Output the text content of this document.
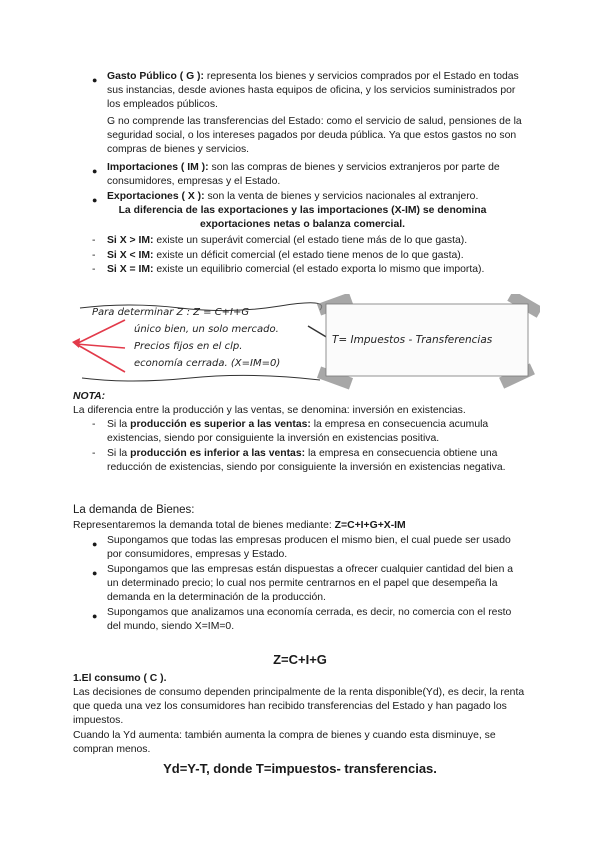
● Gasto Público ( G ): representa los bienes y servicios comprados por el Estado en todas sus instancias, desde aviones hasta equipos de oficina, y los servicios suministrados por los empleados públicos.
G no comprende las transferencias del Estado: como el servicio de salud, pensiones de la seguridad social, o los intereses pagados por deuda pública. Ya que estos gastos no son compras de bienes y servicios.
● Importaciones ( IM ): son las compras de bienes y servicios extranjeros por parte de consumidores, empresas y el Estado.
● Exportaciones ( X ): son la venta de bienes y servicios nacionales al extranjero.
La diferencia de las exportaciones y las importaciones (X-IM) se denomina exportaciones netas o balanza comercial.
- Si X > IM: existe un superávit comercial (el estado tiene más de lo que gasta).
- Si X < IM: existe un déficit comercial (el estado tiene menos de lo que gasta).
- Si X = IM: existe un equilibrio comercial (el estado exporta lo mismo que importa).
Para determinar Z : Z = C+I+G
único bien, un solo mercado.
Precios fijos en el clp.
economía cerrada. (X=IM=0)
T= Impuestos - Transferencias
NOTA:
La diferencia entre la producción y las ventas, se denomina: inversión en existencias.
- Si la producción es superior a las ventas: la empresa en consecuencia acumula existencias, siendo por consiguiente la inversión en existencias positiva.
- Si la producción es inferior a las ventas: la empresa en consecuencia obtiene una reducción de existencias, siendo por consiguiente la inversión en existencias negativa.
La demanda de Bienes:
Representaremos la demanda total de bienes mediante: Z=C+I+G+X-IM
● Supongamos que todas las empresas producen el mismo bien, el cual puede ser usado por consumidores, empresas y Estado.
● Supongamos que las empresas están dispuestas a ofrecer cualquier cantidad del bien a un determinado precio; lo cual nos permite centrarnos en el papel que desempeña la demanda en la determinación de la producción.
● Supongamos que analizamos una economía cerrada, es decir, no comercia con el resto del mundo, siendo X=IM=0.
Z=C+I+G
1.El consumo ( C ).
Las decisiones de consumo dependen principalmente de la renta disponible(Yd), es decir, la renta que queda una vez los consumidores han recibido transferencias del Estado y han pagado los impuestos.
Cuando la Yd aumenta: también aumenta la compra de bienes y cuando esta disminuye, se compran menos.
Yd=Y-T, donde T=impuestos- transferencias.
